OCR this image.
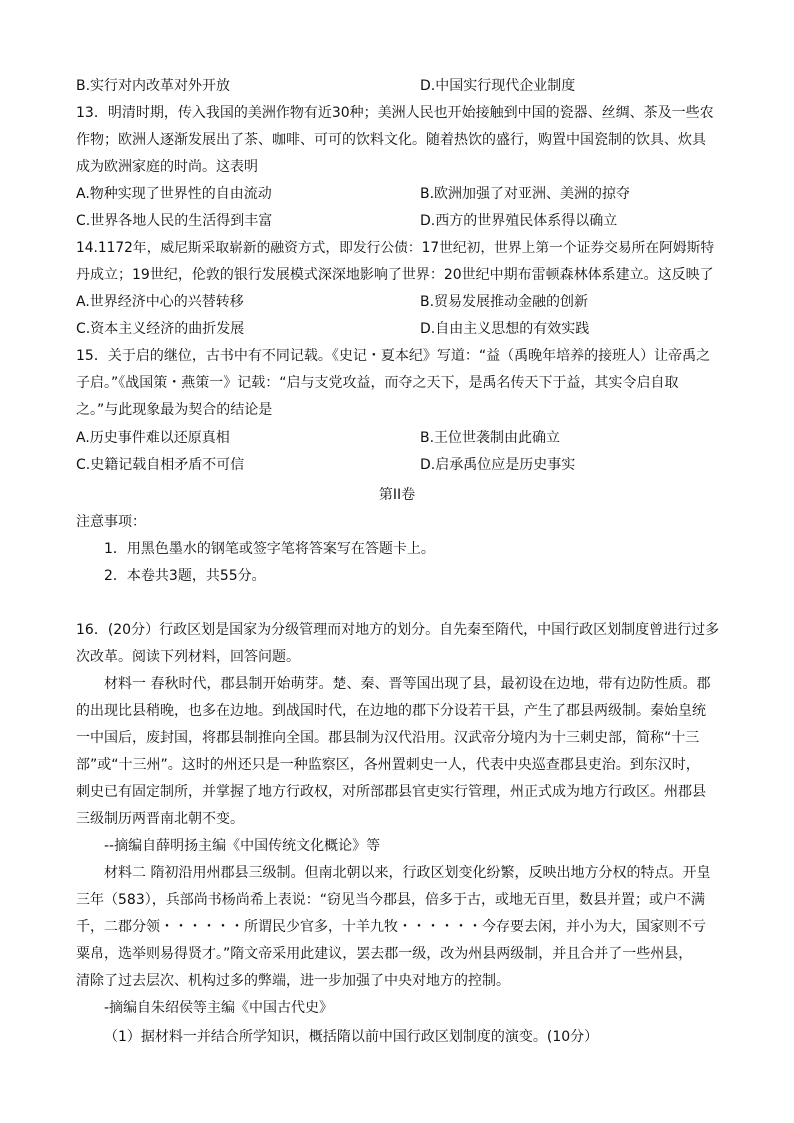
B.实行对内改革对外开放	D.中国实行现代企业制度
13．明清时期，传入我国的美洲作物有近30种；美洲人民也开始接触到中国的瓷器、丝绸、茶及一些农
作物；欧洲人逐渐发展出了茶、咖啡、可可的饮料文化。随着热饮的盛行，购置中国瓷制的饮具、炊具
成为欧洲家庭的时尚。这表明
A.物种实现了世界性的自由流动	B.欧洲加强了对亚洲、美洲的掠夺
C.世界各地人民的生活得到丰富	D.西方的世界殖民体系得以确立
14.1172年，威尼斯采取崭新的融资方式，即发行公债：17世纪初，世界上第一个证券交易所在阿姆斯特
丹成立；19世纪，伦敦的银行发展模式深深地影响了世界：20世纪中期布雷顿森林体系建立。这反映了
A.世界经济中心的兴替转移	B.贸易发展推动金融的创新
C.资本主义经济的曲折发展	D.自由主义思想的有效实践
15．关于启的继位，古书中有不同记载。《史记・夏本纪》写道：“益（禹晚年培养的接班人）让帝禹之
子启。”《战国策・燕策一》记载：“启与支党攻益，而夺之天下，是禹名传天下于益，其实令启自取
之。”与此现象最为契合的结论是
A.历史事件难以还原真相	B.王位世袭制由此确立
C.史籍记载自相矛盾不可信	D.启承禹位应是历史事实
第II卷
注意事项：
1．用黑色墨水的钢笔或签字笔将答案写在答题卡上。
2．本卷共3题，共55分。
16．(20分）行政区划是国家为分级管理而对地方的划分。自先秦至隋代，中国行政区划制度曾进行过多
次改革。阅读下列材料，回答问题。
材料一 春秋时代，郡县制开始萌芽。楚、秦、晋等国出现了县，最初设在边地，带有边防性质。郡
的出现比县稍晚，也多在边地。到战国时代，在边地的郡下分设若干县，产生了郡县两级制。秦始皇统
一中国后，废封国，将郡县制推向全国。郡县制为汉代沿用。汉武帝分境内为十三刺史部，简称“十三
部”或“十三州”。这时的州还只是一种监察区，各州置刺史一人，代表中央巡查郡县吏治。到东汉时，
刺史已有固定制所，并掌握了地方行政权，对所部郡县官吏实行管理，州正式成为地方行政区。州郡县
三级制历两晋南北朝不变。
--摘编自薛明扬主编《中国传统文化概论》等
材料二 隋初沿用州郡县三级制。但南北朝以来，行政区划变化纷繁，反映出地方分权的特点。开皇
三年（583），兵部尚书杨尚希上表说：“窃见当今郡县，倍多于古，或地无百里，数县并置；或户不满
千，二郡分领・・・・・・所谓民少官多，十羊九牧・・・・・・今存要去闲，并小为大，国家则不亏
粟帛，选举则易得贤才。”隋文帝采用此建议，罢去郡一级，改为州县两级制，并且合并了一些州县，
清除了过去层次、机构过多的弊端，进一步加强了中央对地方的控制。
-摘编自朱绍侯等主编《中国古代史》
（1）据材料一并结合所学知识，概括隋以前中国行政区划制度的演变。(10分）
